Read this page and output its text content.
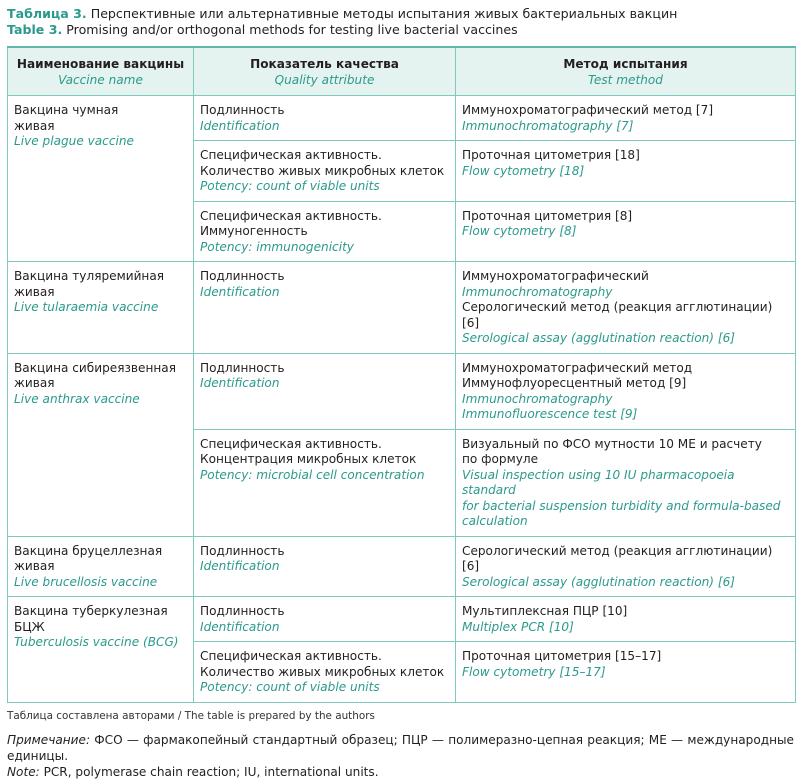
Таблица 3. Перспективные или альтернативные методы испытания живых бактериальных вакцин
Table 3. Promising and/or orthogonal methods for testing live bacterial vaccines
Наименование вакцины
Vaccine name	Показатель качества
Quality attribute	Метод испытания
Test method

Вакцина чумная
живая
Live plague vaccine	Подлинность
Identification	Иммунохроматографический метод [7]
Immunochromatography [7]

	Специфическая активность.
Количество живых микробных клеток
Potency: count of viable units	Проточная цитометрия [18]
Flow cytometry [18]

	Специфическая активность.
Иммуногенность
Potency: immunogenicity	Проточная цитометрия [8]
Flow cytometry [8]

Вакцина туляремийная
живая
Live tularaemia vaccine	Подлинность
Identification	Иммунохроматографический
Immunochromatography
Серологический метод (реакция агглютинации) [6]
Serological assay (agglutination reaction) [6]

Вакцина сибиреязвенная
живая
Live anthrax vaccine	Подлинность
Identification	Иммунохроматографический метод
Иммунофлуоресцентный метод [9]
Immunochromatography
Immunofluorescence test [9]

	Специфическая активность.
Концентрация микробных клеток
Potency: microbial cell concentration	Визуальный по ФСО мутности 10 МЕ и расчету
по формуле
Visual inspection using 10 IU pharmacopoeia standard
for bacterial suspension turbidity and formula-based
calculation

Вакцина бруцеллезная
живая
Live brucellosis vaccine	Подлинность
Identification	Серологический метод (реакция агглютинации) [6]
Serological assay (agglutination reaction) [6]

Вакцина туберкулезная
БЦЖ
Tuberculosis vaccine (BCG)	Подлинность
Identification	Мультиплексная ПЦР [10]
Multiplex PCR [10]

	Специфическая активность.
Количество живых микробных клеток
Potency: count of viable units	Проточная цитометрия [15–17]
Flow cytometry [15–17]
Таблица составлена авторами / The table is prepared by the authors
Примечание: ФСО — фармакопейный стандартный образец; ПЦР — полимеразно-цепная реакция; МЕ — международные единицы.
Note: PCR, polymerase chain reaction; IU, international units.
